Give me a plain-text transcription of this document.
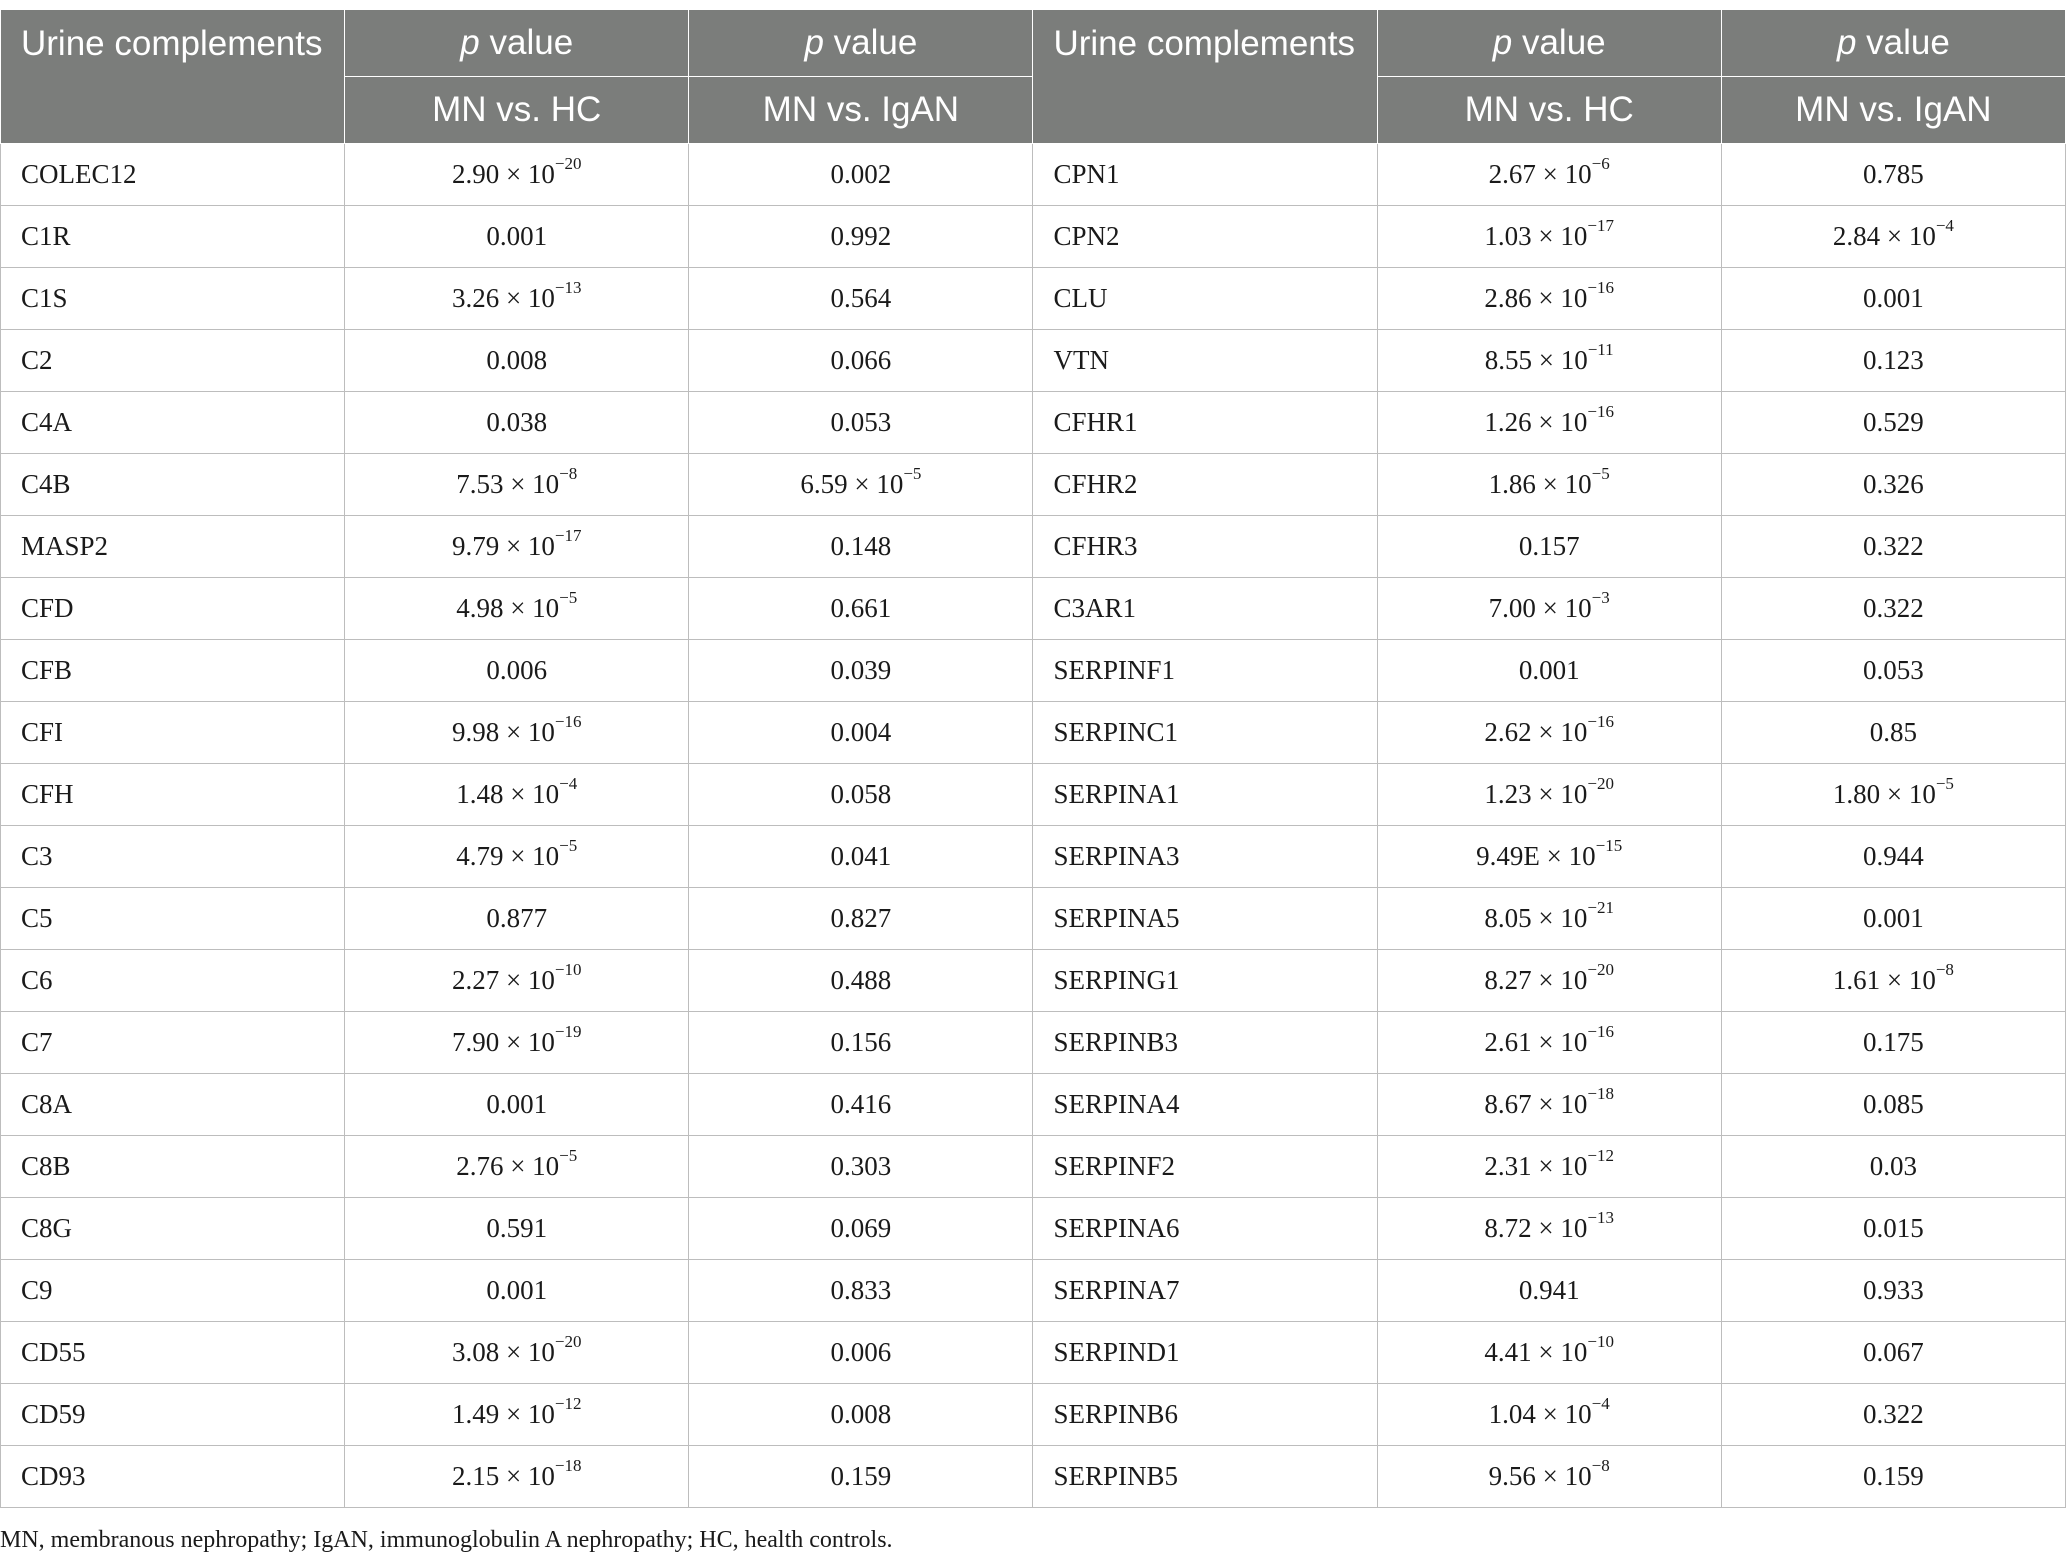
Urine complements	p value	p value	Urine complements	p value	p value
	MN vs. HC	MN vs. IgAN		MN vs. HC	MN vs. IgAN
COLEC12	$2.90 \times 10^{-20}$	0.002	CPN1	$2.67 \times 10^{-6}$	0.785
C1R	0.001	0.992	CPN2	$1.03 \times 10^{-17}$	$2.84 \times 10^{-4}$
C1S	$3.26 \times 10^{-13}$	0.564	CLU	$2.86 \times 10^{-16}$	0.001
C2	0.008	0.066	VTN	$8.55 \times 10^{-11}$	0.123
C4A	0.038	0.053	CFHR1	$1.26 \times 10^{-16}$	0.529
C4B	$7.53 \times 10^{-8}$	$6.59 \times 10^{-5}$	CFHR2	$1.86 \times 10^{-5}$	0.326
MASP2	$9.79 \times 10^{-17}$	0.148	CFHR3	0.157	0.322
CFD	$4.98 \times 10^{-5}$	0.661	C3AR1	$7.00 \times 10^{-3}$	0.322
CFB	0.006	0.039	SERPINF1	0.001	0.053
CFI	$9.98 \times 10^{-16}$	0.004	SERPINC1	$2.62 \times 10^{-16}$	0.85
CFH	$1.48 \times 10^{-4}$	0.058	SERPINA1	$1.23 \times 10^{-20}$	$1.80 \times 10^{-5}$
C3	$4.79 \times 10^{-5}$	0.041	SERPINA3	$9.49E \times 10^{-15}$	0.944
C5	0.877	0.827	SERPINA5	$8.05 \times 10^{-21}$	0.001
C6	$2.27 \times 10^{-10}$	0.488	SERPING1	$8.27 \times 10^{-20}$	$1.61 \times 10^{-8}$
C7	$7.90 \times 10^{-19}$	0.156	SERPINB3	$2.61 \times 10^{-16}$	0.175
C8A	0.001	0.416	SERPINA4	$8.67 \times 10^{-18}$	0.085
C8B	$2.76 \times 10^{-5}$	0.303	SERPINF2	$2.31 \times 10^{-12}$	0.03
C8G	0.591	0.069	SERPINA6	$8.72 \times 10^{-13}$	0.015
C9	0.001	0.833	SERPINA7	0.941	0.933
CD55	$3.08 \times 10^{-20}$	0.006	SERPIND1	$4.41 \times 10^{-10}$	0.067
CD59	$1.49 \times 10^{-12}$	0.008	SERPINB6	$1.04 \times 10^{-4}$	0.322
CD93	$2.15 \times 10^{-18}$	0.159	SERPINB5	$9.56 \times 10^{-8}$	0.159

MN, membranous nephropathy; IgAN, immunoglobulin A nephropathy; HC, health controls.
